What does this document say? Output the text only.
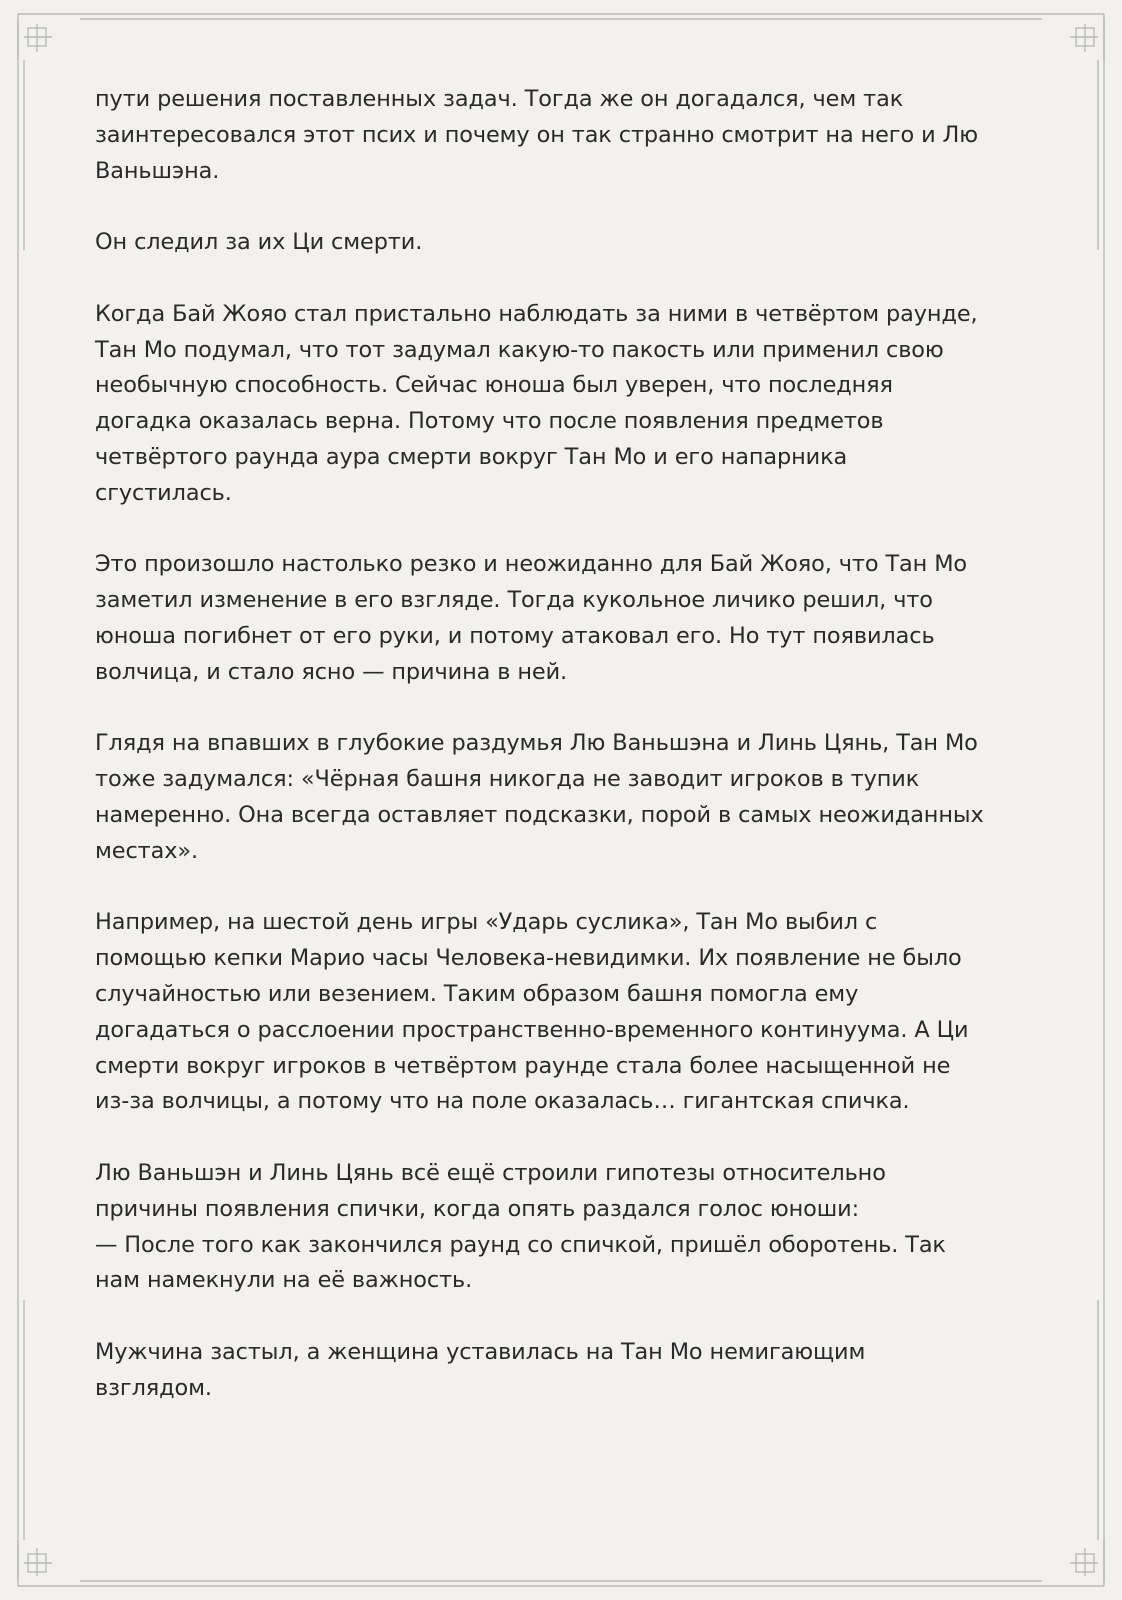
пути решения поставленных задач. Тогда же он догадался, чем так
заинтересовался этот псих и почему он так странно смотрит на него и Лю
Ваньшэна.

Он следил за их Ци смерти.

Когда Бай Жояо стал пристально наблюдать за ними в четвёртом раунде,
Тан Мо подумал, что тот задумал какую-то пакость или применил свою
необычную способность. Сейчас юноша был уверен, что последняя
догадка оказалась верна. Потому что после появления предметов
четвёртого раунда аура смерти вокруг Тан Мо и его напарника
сгустилась.

Это произошло настолько резко и неожиданно для Бай Жояо, что Тан Мо
заметил изменение в его взгляде. Тогда кукольное личико решил, что
юноша погибнет от его руки, и потому атаковал его. Но тут появилась
волчица, и стало ясно — причина в ней.

Глядя на впавших в глубокие раздумья Лю Ваньшэна и Линь Цянь, Тан Мо
тоже задумался: «Чёрная башня никогда не заводит игроков в тупик
намеренно. Она всегда оставляет подсказки, порой в самых неожиданных
местах».

Например, на шестой день игры «Ударь суслика», Тан Мо выбил с
помощью кепки Марио часы Человека-невидимки. Их появление не было
случайностью или везением. Таким образом башня помогла ему
догадаться о расслоении пространственно-временного континуума. А Ци
смерти вокруг игроков в четвёртом раунде стала более насыщенной не
из-за волчицы, а потому что на поле оказалась… гигантская спичка.

Лю Ваньшэн и Линь Цянь всё ещё строили гипотезы относительно
причины появления спички, когда опять раздался голос юноши:
— После того как закончился раунд со спичкой, пришёл оборотень. Так
нам намекнули на её важность.

Мужчина застыл, а женщина уставилась на Тан Мо немигающим
взглядом.
